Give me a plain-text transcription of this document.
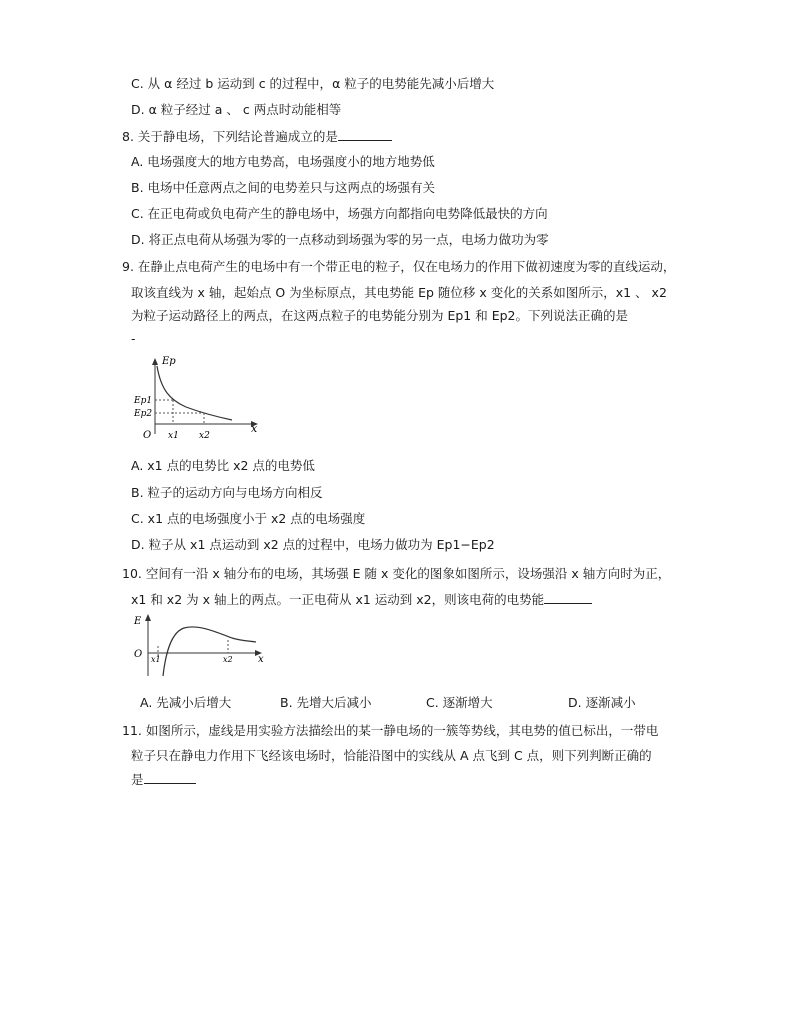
C. 从 α 经过 b 运动到 c 的过程中，α 粒子的电势能先减小后增大
D. α 粒子经过 a 、 c 两点时动能相等
8. 关于静电场，下列结论普遍成立的是
A. 电场强度大的地方电势高，电场强度小的地方地势低
B. 电场中任意两点之间的电势差只与这两点的场强有关
C. 在正电荷或负电荷产生的静电场中，场强方向都指向电势降低最快的方向
D. 将正点电荷从场强为零的一点移动到场强为零的另一点，电场力做功为零
9. 在静止点电荷产生的电场中有一个带正电的粒子，仅在电场力的作用下做初速度为零的直线运动，
取该直线为 x 轴，起始点 O 为坐标原点，其电势能 Ep 随位移 x 变化的关系如图所示，x1 、 x2
为粒子运动路径上的两点，在这两点粒子的电势能分别为 Ep1 和 Ep2。下列说法正确的是
-
Ep
x
O
Ep1
Ep2
x1 x2
A. x1 点的电势比 x2 点的电势低
B. 粒子的运动方向与电场方向相反
C. x1 点的电场强度小于 x2 点的电场强度
D. 粒子从 x1 点运动到 x2 点的过程中，电场力做功为 Ep1−Ep2
10. 空间有一沿 x 轴分布的电场，其场强 E 随 x 变化的图象如图所示，设场强沿 x 轴方向时为正，
x1 和 x2 为 x 轴上的两点。一正电荷从 x1 运动到 x2，则该电荷的电势能
E
x
O x1	x2
A. 先减小后增大	B. 先增大后减小	C. 逐渐增大	D. 逐渐减小
11. 如图所示，虚线是用实验方法描绘出的某一静电场的一簇等势线，其电势的值已标出，一带电
粒子只在静电力作用下飞经该电场时，恰能沿图中的实线从 A 点飞到 C 点，则下列判断正确的
是
